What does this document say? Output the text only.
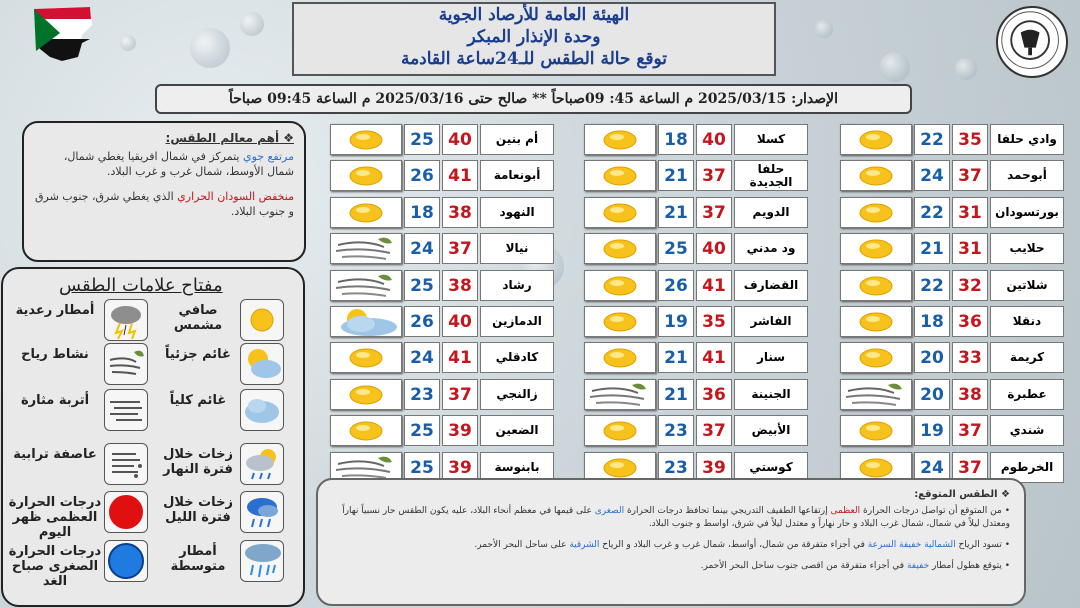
الهيئة العامة للأرصاد الجوية
وحدة الإنذار المبكر
توقع حالة الطقس للـ24ساعة القادمة
الإصدار: 2025/03/15 م الساعة 45: 09صباحاً ** صالح حتى 2025/03/16 م الساعة 09:45 صباحاً
❖ أهم معالم الطقس:

مرتفع جوي يتمركز في شمال افريقيا يغطي شمال، شمال الأوسط، شمال غرب و غرب البلاد.

منخفض السودان الحراري الذي يغطي شرق، جنوب شرق و جنوب البلاد.

مفتاح علامات الطقس
صافي مشمس
أمطار رعدية
غائم جزئياً
نشاط رياح
غائم كلياً
أتربة مثارة
زخات خلال فترة النهار
عاصفة ترابية
زخات خلال فترة الليل
درجات الحرارة العظمى ظهر اليوم
أمطار متوسطة
درجات الحرارة الصغرى صباح الغد
22 35	وادي حلفا
24 37	أبوحمد
22 31	بورتسودان
21 31	حلايب
22 32	شلاتين
18 36	دنقلا
20 33	كريمة
20 38	عطبرة
19 37	شندي
24 37	الخرطوم
18 40	كسلا
21 37	حلفا الجديدة
21 37	الدويم
25 40	ود مدني
26 41	القضارف
19 35	الفاشر
21 41	سنار
21 36	الجنينة
23 37	الأبيض
23 39	كوستي
25 40	أم بنين
26 41	أبونعامة
18 38	النهود
24 37	نيالا
25 38	رشاد
26 40	الدمازين
24 41	كادقلي
23 37	زالنجي
25 39	الضعين
25 39	بابنوسة
❖ الطقس المتوقع:

• من المتوقع أن تواصل درجات الحرارة العظمى إرتفاعها الطفيف التدريجي بينما تحافظ درجات الحرارة الصغرى على قيمها في معظم أنحاء البلاد، عليه يكون الطقس حار نسبياً نهاراً ومعتدل ليلاً في شمال، شمال غرب البلاد و حار نهاراً و معتدل ليلاً في شرق، اواسط و جنوب البلاد.

• تسود الرياح الشمالية خفيفة السرعة في أجزاء متفرقة من شمال، أواسط، شمال غرب و غرب البلاد و الرياح الشرقية على ساحل البحر الأحمر.

• يتوقع هطول أمطار خفيفة في أجزاء متفرقة من اقصى جنوب ساحل البحر الأحمر.
